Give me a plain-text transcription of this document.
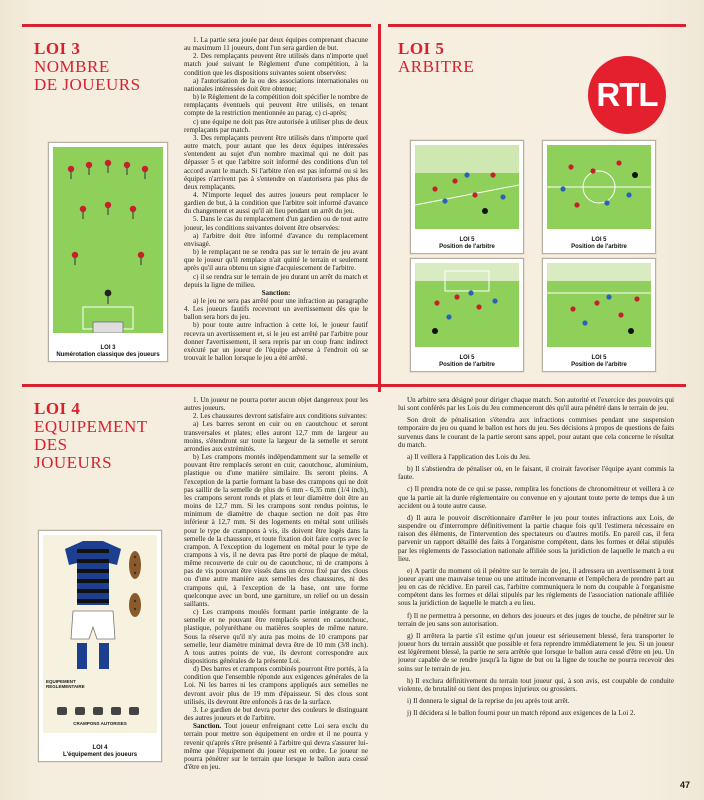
LOI 3
NOMBRE
DE JOUEURS
LOI 3
Numérotation classique des joueurs

1. La partie sera jouée par deux équipes comprenant chacune au maximum 11 joueurs, dont l'un sera gardien de but.

2. Des remplaçants peuvent être utilisés dans n'importe quel match joué suivant le Règlement d'une compétition, à la condition que les dispositions suivantes soient observées:

a) l'autorisation de la ou des associations internationales ou nationales intéressées doit être obtenue;

b) le Règlement de la compétition doit spécifier le nombre de remplaçants éventuels qui peuvent être utilisés, en tenant compte de la restriction mentionnée au parag. c) ci-après;

c) une équipe ne doit pas être autorisée à utiliser plus de deux remplaçants par match.

3. Des remplaçants peuvent être utilisés dans n'importe quel autre match, pour autant que les deux équipes intéressées s'entendent au sujet d'un nombre maximal qui ne doit pas dépasser 5 et que l'arbitre soit informé des conditions d'un tel accord avant le match. Si l'arbitre n'en est pas informé ou si les équipes n'arrivent pas à s'entendre on n'autorisera pas plus de deux remplaçants.

4. N'importe lequel des autres joueurs peut remplacer le gardien de but, à la condition que l'arbitre soit informé d'avance du changement et aussi qu'il ait lieu pendant un arrêt du jeu.

5. Dans le cas du remplacement d'un gardien ou de tout autre joueur, les conditions suivantes doivent être observées:

a) l'arbitre doit être informé d'avance du remplacement envisagé.

b) le remplaçant ne se rendra pas sur le terrain de jeu avant que le joueur qu'il remplace n'ait quitté le terrain et seulement après qu'il aura obtenu un signe d'acquiescement de l'arbitre.

c) il se rendra sur le terrain de jeu durant un arrêt du match et depuis la ligne de milieu.

Sanction:

a) le jeu ne sera pas arrêté pour une infraction au paragraphe 4. Les joueurs fautifs recevront un avertissement dès que le ballon sera hors du jeu.

b) pour toute autre infraction à cette loi, le joueur fautif recevra un avertissement et, si le jeu est arrêté par l'arbitre pour donner l'avertissement, il sera repris par un coup franc indirect exécuté par un joueur de l'équipe adverse à l'endroit où se trouvait le ballon lorsque le jeu a été arrêté.

LOI 5
ARBITRE
RTL
LOI 5
Position de l'arbitre
LOI 5
Position de l'arbitre
LOI 5
Position de l'arbitre
LOI 5
Position de l'arbitre
LOI 4
EQUIPEMENT
DES
JOUEURS
EQUIPEMENT REGLEMENTAIRE
CRAMPONS AUTORISES
LOI 4
L'équipement des joueurs

1. Un joueur ne pourra porter aucun objet dangereux pour les autres joueurs.

2. Les chaussures devront satisfaire aux conditions suivantes:

a) Les barres seront en cuir ou en caoutchouc et seront transversales et plates; elles auront 12,7 mm de largeur au moins, s'étendront sur toute la largeur de la semelle et seront arrondies aux extrémités.

b) Les crampons montés indépendamment sur la semelle et pouvant être remplacés seront en cuir, caoutchouc, aluminium, plastique ou d'une matière similaire. Ils seront pleins. A l'exception de la partie formant la base des crampons qui ne doit pas saillir de la semelle de plus de 6 mm - 6,35 mm (1/4 inch), les crampons seront ronds et plats et leur diamètre doit être au moins de 12,7 mm. Si les crampons sont rendus pointus, le minimum de diamètre de chaque section ne doit pas être inférieur à 12,7 mm. Si des logements en métal sont utilisés pour le type de crampons à vis, ils doivent être logés dans la semelle de la chaussure, et toute fixation doit faire corps avec le crampon. A l'exception du logement en métal pour le type de crampons à vis, il ne devra pas être porté de plaque de métal, même recouverte de cuir ou de caoutchouc, ni de crampons à pas de vis pouvant être vissés dans un écrou fixé par des clous ou d'une autre manière aux semelles des chaussures, ni des crampons qui, à l'exception de la base, ont une forme quelconque avec un bord, une garniture, un relief ou un dessin saillants.

c) Les crampons moulés formant partie intégrante de la semelle et ne pouvant être remplacés seront en caoutchouc, plastique, polyuréthane ou matières souples de même nature. Sous la réserve qu'il n'y aura pas moins de 10 crampons par semelle, leur diamètre minimal devra être de 10 mm (3/8 inch). A tous autres points de vue, ils devront correspondre aux dispositions générales de la présente Loi.

d) Des barres et crampons combinés pourront être portés, à la condition que l'ensemble réponde aux exigences générales de la Loi. Ni les barres ni les crampons appliqués aux semelles ne devront avoir plus de 19 mm d'épaisseur. Si des clous sont utilisés, ils devront être enfoncés à ras de la surface.

3. Le gardien de but devra porter des couleurs le distinguant des autres joueurs et de l'arbitre.

Sanction. Tout joueur enfreignant cette Loi sera exclu du terrain pour mettre son équipement en ordre et il ne pourra y revenir qu'après s'être présenté à l'arbitre qui devra s'assurer lui-même que l'équipement du joueur est en ordre. Le joueur ne pourra pénétrer sur le terrain que lorsque le ballon aura cessé d'être en jeu.

Un arbitre sera désigné pour diriger chaque match. Son autorité et l'exercice des pouvoirs qui lui sont conférés par les Lois du Jeu commenceront dès qu'il aura pénétré dans le terrain de jeu.

Son droit de pénalisation s'étendra aux infractions commises pendant une suspension temporaire du jeu ou quand le ballon est hors du jeu. Ses décisions à propos de questions de faits survenus dans le courant de la partie seront sans appel, pour autant que cela concerne le résultat du match.

a) Il veillera à l'application des Lois du Jeu.

b) Il s'abstiendra de pénaliser où, en le faisant, il croirait favoriser l'équipe ayant commis la faute.

c) Il prendra note de ce qui se passe, remplira les fonctions de chronométreur et veillera à ce que la partie ait la durée réglementaire ou convenue en y ajoutant toute perte de temps due à un accident ou à toute autre cause.

d) Il aura le pouvoir discrétionnaire d'arrêter le jeu pour toutes infractions aux Lois, de suspendre ou d'interrompre définitivement la partie chaque fois qu'il l'estimera nécessaire en raison des éléments, de l'intervention des spectateurs ou d'autres motifs. En pareil cas, il fera parvenir un rapport détaillé des faits à l'organisme compétent, dans les formes et délai stipulés par les règlements de l'association nationale affiliée sous la juridiction de laquelle le match a eu lieu.

e) A partir du moment où il pénètre sur le terrain de jeu, il adressera un avertissement à tout joueur ayant une mauvaise tenue ou une attitude inconvenante et l'empêchera de prendre part au jeu en cas de récidive. En pareil cas, l'arbitre communiquera le nom du coupable à l'organisme compétent dans les formes et délai stipulés par les règlements de l'association nationale affiliée sous la juridiction de laquelle le match a eu lieu.

f) Il ne permettra à personne, en dehors des joueurs et des juges de touche, de pénétrer sur le terrain de jeu sans son autorisation.

g) Il arrêtera la partie s'il estime qu'un joueur est sérieusement blessé, fera transporter le joueur hors du terrain aussitôt que possible et fera reprendre immédiatement le jeu. Si un joueur est légèrement blessé, la partie ne sera arrêtée que lorsque le ballon aura cessé d'être en jeu. Un joueur capable de se rendre jusqu'à la ligne de but ou la ligne de touche ne pourra recevoir des soins sur le terrain de jeu.

h) Il exclura définitivement du terrain tout joueur qui, à son avis, est coupable de conduite violente, de brutalité ou tient des propos injurieux ou grossiers.

i) Il donnera le signal de la reprise du jeu après tout arrêt.

j) Il décidera si le ballon fourni pour un match répond aux exigences de la Loi 2.

47
